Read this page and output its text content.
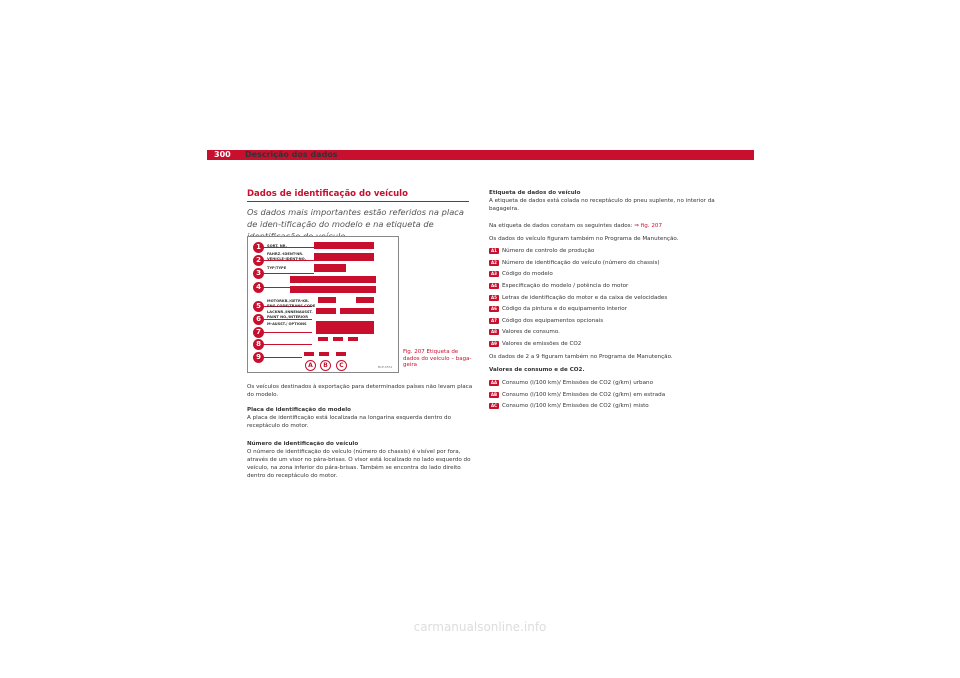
300 Descrição dos dados
Dados de identificação do veículo
Os dados mais importantes estão referidos na placa de iden-tificação do modelo e na etiqueta de
1
2
3
4
5
6
7
8
9
SORT. NR.
FAHRZ.-IDENT-NR. VEHICLE-IDENT-NO.
TYP/TYPE
MOTORKB./GETR-KB. ENG.CODE/TRANS.CODE
LACKNR./INNENAUSST. PAINT NO./INTERIOR
M-AUSST./ OPTIONS
A	B	C	B1P-0531
Fig. 207 Etiqueta de dados do veículo – baga-geira
Os veículos destinados à exportação para determinados países não levam placa do modelo.
Placa de identificação do modelo
A placa de identificação está localizada na longarina esquerda dentro do receptáculo do motor.
Número de identificação do veículo
O número de identificação do veículo (número do chassis) é visível por fora, através de um visor no pára-brisas. O visor está localizado no lado esquerdo do veículo, na zona inferior do pára-brisas. Também se encontra do lado direito dentro do receptáculo do motor.
Etiqueta de dados do veículo
A etiqueta de dados está colada no receptáculo do pneu suplente, no interior da bagageira.
Na etiqueta de dados constam os seguintes dados: ⇒ fig. 207
Os dados do veículo figuram também no Programa de Manutenção.
A1 Número de controlo de produção
A2 Número de identificação do veículo (número do chassis)
A3 Código do modelo
A4 Especificação do modelo / potência do motor
A5 Letras de identificação do motor e da caixa de velocidades
A6 Código da pintura e do equipamento interior
A7 Código dos equipamentos opcionais
A8 Valores de consumo.
A9 Valores de emissões de CO2
Os dados de 2 a 9 figuram também no Programa de Manutenção.
Valores de consumo e de CO2.
AA Consumo (l/100 km)/ Emissões de CO2 (g/km) urbano
AB Consumo (l/100 km)/ Emissões de CO2 (g/km) em estrada
AC Consumo (l/100 km)/ Emissões de CO2 (g/km) misto
carmanualsonline.info
